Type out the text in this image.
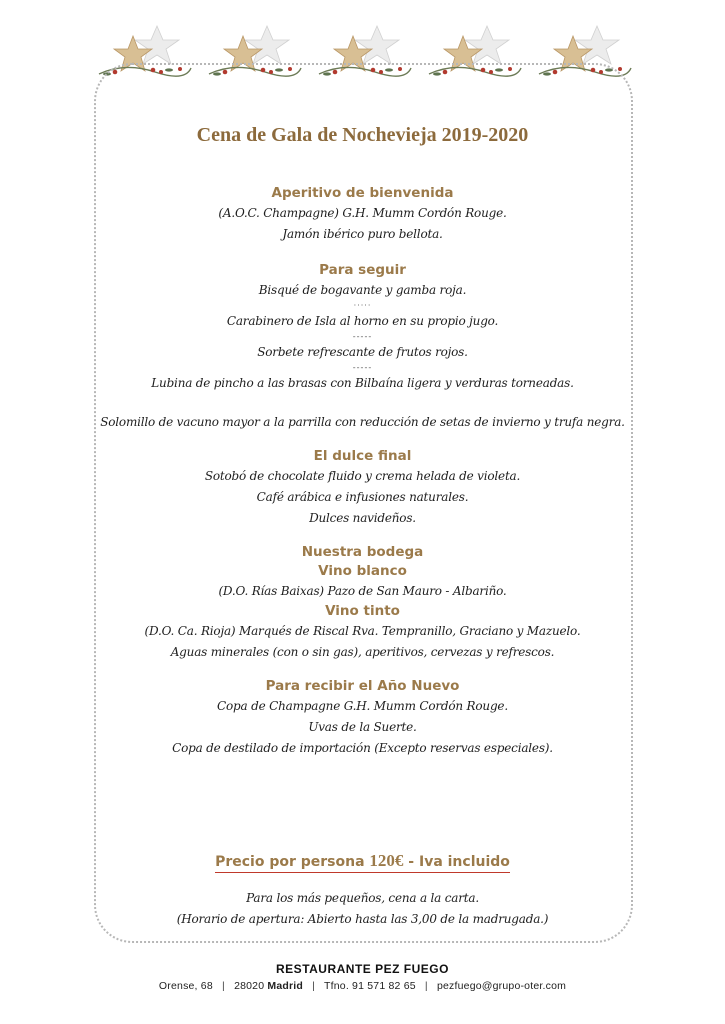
Cena de Gala de Nochevieja 2019-2020
Aperitivo de bienvenida
(A.O.C. Champagne) G.H. Mumm Cordón Rouge.
Jamón ibérico puro bellota.
Para seguir
Bisqué de bogavante y gamba roja.
·····
Carabinero de Isla al horno en su propio jugo.
-----
Sorbete refrescante de frutos rojos.
-----
Lubina de pincho a las brasas con Bilbaína ligera y verduras torneadas.
Solomillo de vacuno mayor a la parrilla con reducción de setas de invierno y trufa negra.
El dulce final
Sotobó de chocolate fluido y crema helada de violeta.
Café arábica e infusiones naturales.
Dulces navideños.
Nuestra bodega
Vino blanco
(D.O. Rías Baixas) Pazo de San Mauro - Albariño.
Vino tinto
(D.O. Ca. Rioja) Marqués de Riscal Rva. Tempranillo, Graciano y Mazuelo.
Aguas minerales (con o sin gas), aperitivos, cervezas y refrescos.
Para recibir el Año Nuevo
Copa de Champagne G.H. Mumm Cordón Rouge.
Uvas de la Suerte.
Copa de destilado de importación (Excepto reservas especiales).
Precio por persona 120€ - Iva incluido
Para los más pequeños, cena a la carta.
(Horario de apertura: Abierto hasta las 3,00 de la madrugada.)
RESTAURANTE PEZ FUEGO
Orense, 68 | 28020 Madrid | Tfno. 91 571 82 65 | pezfuego@grupo-oter.com
